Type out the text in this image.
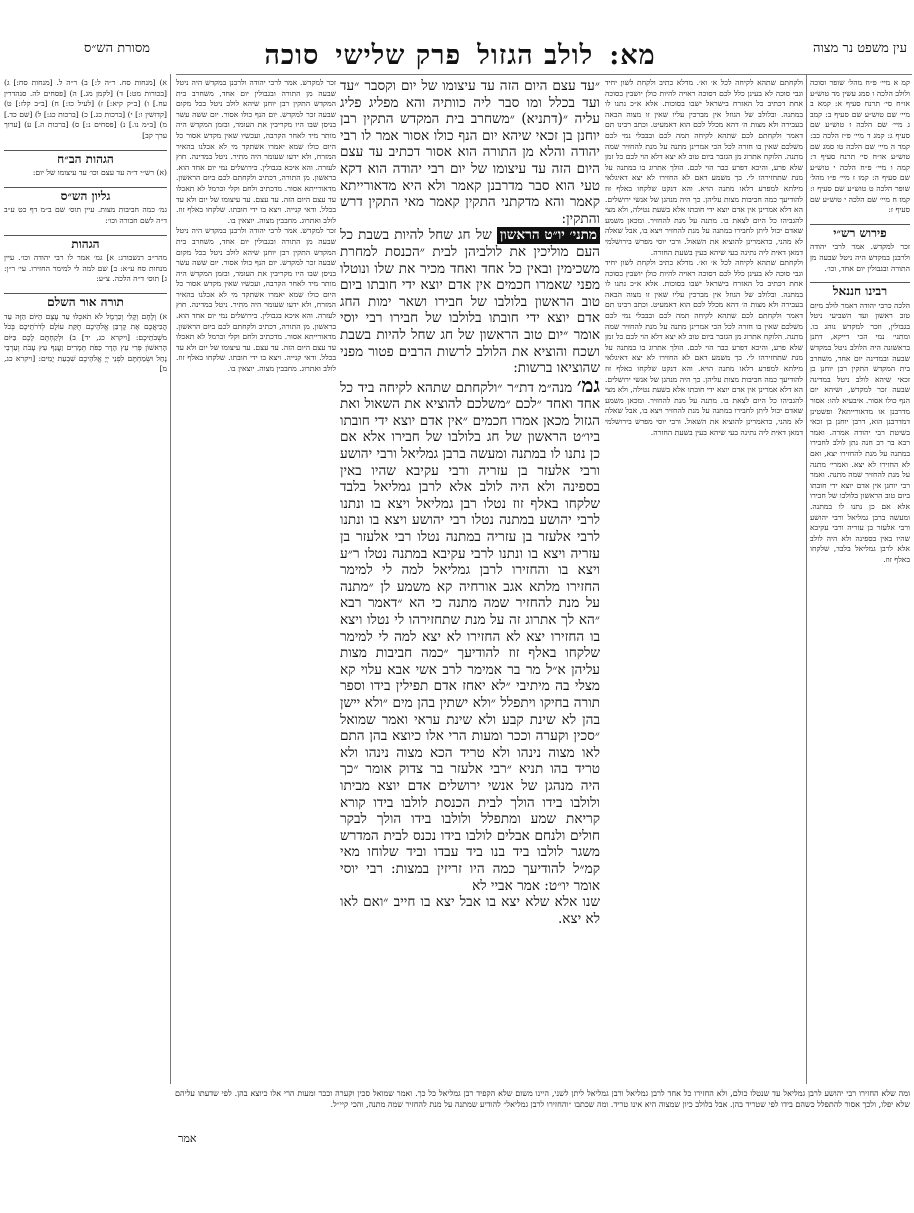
עין משפט נר מצוה
מא:לולב הגזולפרק שלישיסוכה
מסורת הש״ס

קמ א מיי׳ פ״ח מהל׳ שופר וסוכה ולולב הלכה ו סמג עשין מד טוש״ע או״ח סי׳ תרנח סעיף א: קמא ב מיי׳ שם טוש״ע שם סעיף ב: קמב ג מיי׳ שם הלכה ז טוש״ע שם סעיף ג: קמג ד מיי׳ פ״ז הלכה כב: קמד ה מיי׳ שם הלכה טו סמג שם טוש״ע או״ח סי׳ תרנח סעיף ד: קמה ו מיי׳ פ״ח הלכה י טוש״ע שם סעיף ה: קמו ז מיי׳ פ״ו מהל׳ שופר הלכה ט טוש״ע שם סעיף ו: קמז ח מיי׳ שם הלכה י טוש״ע שם סעיף ז:

פירוש רש״י

זכר למקדש. אמר לרבי יהודה ולרבנן במקדש היה ניטל שבעה מן התורה ובגבולין יום אחד, וכו׳.

רבינו חננאל

הלכה כרבי יהודה דאמר לולב מיום טוב ראשון ועד השביעי ניטל בגבולין, וזכר למקדש נוהג בו. ומתני׳ נמי הכי דייקא, דתנן בראשונה היה הלולב ניטל במקדש שבעה ובמדינה יום אחד, משחרב בית המקדש התקין רבן יוחנן בן זכאי שיהא לולב ניטל במדינה שבעה זכר למקדש, ושיהא יום הנף כולו אסור. איבעיא להו: אסור מדרבנן או מדאורייתא? ופשטינן דמדרבנן הוא, דרבן יוחנן בן זכאי בשיטת רבי יהודה אמרה. ואמר רבא בר רב חנה נתן לולב לחבירו במתנה על מנת להחזירו יצא, ואם לא החזירו לא יצא. ואמרי׳ מתנה על מנת להחזיר שמה מתנה. ואמר רבי יוחנן אין אדם יוצא ידי חובתו ביום טוב הראשון בלולבו של חבירו אלא אם כן נתנו לו במתנה. ומעשה ברבן גמליאל ורבי יהושע ורבי אלעזר בן עזריה ורבי עקיבא שהיו באין בספינה ולא היה לולב אלא לרבן גמליאל בלבד, שלקחו באלף זוז.

ולקחתם שתהא לקיחה לכל א׳ וא׳. מדלא כתיב ולקחת לשון יחיד וגבי סוכה לא בעינן כלל לכם דסוכה ראויה להיות כולן יושבין בסוכה אחת דכתיב כל האזרח בישראל ישבו בסוכות. אלא א״כ נתנו לו במתנה. ובלולב של הגוזל אין מברכין עליו שאין זו מצוה הבאה בעבירה ולא מצות ה׳ דהא מכלל לכם הוא דאמעיט. וכתב רבינו תם דאמר ולקחתם לכם שתהא לקיחה תמה לכם ובבבלי נמי לכם משלכם שאין בו חזרה לכל הכי אמרינן מתנה על מנת להחזיר שמה מתנה. הלוקח אתרוג מן הגזבר ביום טוב לא יצא דלא הוי לכם כל זמן שלא פרע, והיכא דפרע כבר הוי לכם. הולך אתרוג בו במתנה על מנת שתחזירהו לי. כך משמע דאם לא החזירו לא יצא דאיגלאי מילתא למפרע דלאו מתנה הויא. והא דנקט שלקחו באלף זוז להודיעך כמה חביבות מצות עליהן. כך היה מנהגן של אנשי ירושלים. הא דלא אמרינן אין אדם יוצא ידי חובתו אלא בשעת נטילה, ולא מצי להגביהו כל היום לצאת בו. מתנה על מנת להחזיר. ומכאן משמע שאדם יכול ליתן לחבירו במתנה על מנת להחזיר ויצא בו, אבל שאלה לא מהני, כדאמרינן להוציא את השאול. ורבי יוסי מפרש בירושלמי דמאן דאית ליה נתינה בעי שיהא בעין בשעת החזרה.

ולקחתם שתהא לקיחה לכל א׳ וא׳. מדלא כתיב ולקחת לשון יחיד וגבי סוכה לא בעינן כלל לכם דסוכה ראויה להיות כולן יושבין בסוכה אחת דכתיב כל האזרח בישראל ישבו בסוכות. אלא א״כ נתנו לו במתנה. ובלולב של הגוזל אין מברכין עליו שאין זו מצוה הבאה בעבירה ולא מצות ה׳ דהא מכלל לכם הוא דאמעיט. וכתב רבינו תם דאמר ולקחתם לכם שתהא לקיחה תמה לכם ובבבלי נמי לכם משלכם שאין בו חזרה לכל הכי אמרינן מתנה על מנת להחזיר שמה מתנה. הלוקח אתרוג מן הגזבר ביום טוב לא יצא דלא הוי לכם כל זמן שלא פרע, והיכא דפרע כבר הוי לכם. הולך אתרוג בו במתנה על מנת שתחזירהו לי. כך משמע דאם לא החזירו לא יצא דאיגלאי מילתא למפרע דלאו מתנה הויא. והא דנקט שלקחו באלף זוז להודיעך כמה חביבות מצות עליהן. כך היה מנהגן של אנשי ירושלים. הא דלא אמרינן אין אדם יוצא ידי חובתו אלא בשעת נטילה, ולא מצי להגביהו כל היום לצאת בו. מתנה על מנת להחזיר. ומכאן משמע שאדם יכול ליתן לחבירו במתנה על מנת להחזיר ויצא בו, אבל שאלה לא מהני, כדאמרינן להוציא את השאול. ורבי יוסי מפרש בירושלמי דמאן דאית ליה נתינה בעי שיהא בעין בשעת החזרה.

״עד עצם היום הזה עד עיצומו של יום וקסבר ״עד ועד בכלל ומו סבר ליה כוותיה והא מפליג פליג עליה ״(דתניא) ״משחרב בית המקדש התקין רבן יוחנן בן זכאי שיהא יום הנף כולו אסור אמר לו רבי יהודה והלא מן התורה הוא אסור דכתיב עד עצם היום הזה עד עיצומו של יום רבי יהודה הוא דקא טעי הוא סבר מדרבנן קאמר ולא היא מדאורייתא קאמר והא מדקתני התקין קאמר מאי התקין דרש והתקין:

מתני׳ יו״ט הראשון של חג שחל להיות בשבת כל העם מוליכין את לולביהן לבית ״הכנסת למחרת משכימין ובאין כל אחד ואחד מכיר את שלו ונוטלו מפני שאמרו חכמים אין אדם יוצא ידי חובתו ביום טוב הראשון בלולבו של חבירו ושאר ימות החג אדם יוצא ידי חובתו בלולבו של חבירו רבי יוסי אומר ״יום טוב הראשון של חג שחל להיות בשבת ושכח והוציא את הלולב לרשות הרבים פטור מפני שהוציאו ברשות:

גמ׳ מנה״מ דת״ר ״ולקחתם שתהא לקיחה ביד כל אחד ואחד ״לכם ״משלכם להוציא את השאול ואת הגזול מכאן אמרו חכמים ״אין אדם יוצא ידי חובתו ביו״ט הראשון של חג בלולבו של חבירו אלא אם כן נתנו לו במתנה ומעשה ברבן גמליאל ורבי יהושע ורבי אלעזר בן עזריה ורבי עקיבא שהיו באין בספינה ולא היה לולב אלא לרבן גמליאל בלבד שלקחו באלף זוז נטלו רבן גמליאל ויצא בו ונתנו לרבי יהושע במתנה נטלו רבי יהושע ויצא בו ונתנו לרבי אלעזר בן עזריה במתנה נטלו רבי אלעזר בן עזריה ויצא בו ונתנו לרבי עקיבא במתנה נטלו ר״ע ויצא בו והחזירו לרבן גמליאל למה לי למימר החזירו מלתא אגב אורחיה קא משמע לן ״מתנה על מנת להחזיר שמה מתנה כי הא ״דאמר רבא ״הא לך אתרוג זה על מנת שתחזירהו לי נטלו ויצא בו החזירו יצא לא החזירו לא יצא למה לי למימר שלקחו באלף זוז להודיעך ״כמה חביבות מצות עליהן א״ל מר בר אמימר לרב אשי אבא עלוי קא מצלי בה מיתיבי ״לא יאחז אדם תפילין בידו וספר תורה בחיקו ויתפלל ״ולא ישתין בהן מים ״ולא יישן בהן לא שינת קבע ולא שינת עראי ואמר שמואל ״סכין וקערה וככר ומעות הרי אלו כיוצא בהן התם לאו מצוה נינהו ולא טריד הכא מצוה נינהו ולא טריד בהו תניא ״רבי אלעזר בר צדוק אומר ״כך היה מנהגן של אנשי ירושלים אדם יוצא מביתו ולולבו בידו הולך לבית הכנסת לולבו בידו קורא קריאת שמע ומתפלל ולולבו בידו הולך לבקר חולים ולנחם אבלים לולבו בידו נכנס לבית המדרש משגר לולבו ביד בנו ביד עבדו וביד שלוחו מאי קמ״ל להודיעך כמה היו זריזין במצות: רבי יוסי אומר יו״ט: אמר אביי לא

שנו אלא שלא יצא בו אבל יצא בו חייב ״ואם לאו לא יצא.

זכר למקדש. אמר לרבי יהודה ולרבנן במקדש היה ניטל שבעה מן התורה ובגבולין יום אחד, משחרב בית המקדש התקין רבן יוחנן שיהא לולב ניטל בכל מקום שבעה זכר למקדש. יום הנף כולו אסור. יום ששה עשר בניסן שבו היו מקריבין את העומר, ובזמן המקדש היה מותר מיד לאחר הקרבה, ועכשיו שאין מקדש אסור כל היום כולו שמא יאמרו אשתקד מי לא אכלנו בהאיר המזרח, ולא ידעו שעומר היה מתיר. ניטל במדינה. חוץ לעזרה. והא איכא בגבולין. בירושלים נמי יום אחד הוא. בראשון. מן התורה, דכתיב ולקחתם לכם ביום הראשון. מדאורייתא אסור. מדכתיב ולחם וקלי וכרמל לא תאכלו עד עצם היום הזה. עד עצם. עד עיצומו של יום ולא עד בכלל. ודאי קנייה. ויצא בו ידי חובתו. שלקחו באלף זוז. לולב ואתרוג. מחבבין מצוה. יוצאין בו.

זכר למקדש. אמר לרבי יהודה ולרבנן במקדש היה ניטל שבעה מן התורה ובגבולין יום אחד, משחרב בית המקדש התקין רבן יוחנן שיהא לולב ניטל בכל מקום שבעה זכר למקדש. יום הנף כולו אסור. יום ששה עשר בניסן שבו היו מקריבין את העומר, ובזמן המקדש היה מותר מיד לאחר הקרבה, ועכשיו שאין מקדש אסור כל היום כולו שמא יאמרו אשתקד מי לא אכלנו בהאיר המזרח, ולא ידעו שעומר היה מתיר. ניטל במדינה. חוץ לעזרה. והא איכא בגבולין. בירושלים נמי יום אחד הוא. בראשון. מן התורה, דכתיב ולקחתם לכם ביום הראשון. מדאורייתא אסור. מדכתיב ולחם וקלי וכרמל לא תאכלו עד עצם היום הזה. עד עצם. עד עיצומו של יום ולא עד בכלל. ודאי קנייה. ויצא בו ידי חובתו. שלקחו באלף זוז. לולב ואתרוג. מחבבין מצוה. יוצאין בו.

א) [מנחות סח. ר״ה ל:] ב) ר״ה ל. [מנחות סח:] ג) [בכורות מט:] ד) [לקמן מג.] ה) [פסחים לה. סנהדרין עח.] ו) [ב״ק קיא:] ז) [לעיל כז:] ח) [ב״ב קלז:] ט) [קדושין ו:] י) [ברכות כג.] כ) [ברכות כג:] ל) [שם כד.] מ) [ב״מ נו.] נ) [פסחים נ:] ס) [ברכות ה.] ע) [ערוך ערך קב]

הגהות הב״ח

(א) רש״י ד״ה עד עצם וכו׳ עד עיצומו של יום:

גליון הש״ס

גמ׳ כמה חביבות מצות. עיין תוס׳ שם ב״מ דף כט ע״ב ד״ה לשם חבורה וכו׳:

הגהות

מהר״ב רנשבורג: א] גמ׳ אמר לו רבי יהודה וכו׳. עיין מנחות סח ע״א: ב] שם למה לי למימר החזירו. עי׳ ר״ן: ג] תוס׳ ד״ה הלכה. צ״ע:

תורה אור השלם

א) וְלֶחֶם וְקָלִי וְכַרְמֶל לֹא תֹאכְלוּ עַד עֶצֶם הַיּוֹם הַזֶּה עַד הֲבִיאֲכֶם אֶת קָרְבַּן אֱלֹהֵיכֶם חֻקַּת עוֹלָם לְדֹרֹתֵיכֶם בְּכֹל מֹשְׁבֹתֵיכֶם: [ויקרא כג, יד] ב) וּלְקַחְתֶּם לָכֶם בַּיּוֹם הָרִאשׁוֹן פְּרִי עֵץ הָדָר כַּפֹּת תְּמָרִים וַעֲנַף עֵץ עָבֹת וְעַרְבֵי נָחַל וּשְׂמַחְתֶּם לִפְנֵי יְיָ אֱלֹהֵיכֶם שִׁבְעַת יָמִים: [ויקרא כג, מ]

ומה שלא החזירו רבי יהושע לרבן גמליאל עד שנטלו כולם, ולא החזירו כל אחד לרבן גמליאל ורבן גמליאל ליתן לשני, היינו משום שלא הקפיד רבן גמליאל כל כך. ואמר שמואל סכין וקערה וככר ומעות הרי אלו כיוצא בהן. לפי שדעתו עליהם שלא יפלו, ולכך אסור להתפלל כשהם בידו לפי שטריד בהן. אבל בלולב כיון שמצוה היא אינו טריד. ומה שכתבו ״והחזירו לרבן גמליאל״ להודיע שמתנה על מנת להחזיר שמה מתנה, והכי קיי״ל.
אמר
